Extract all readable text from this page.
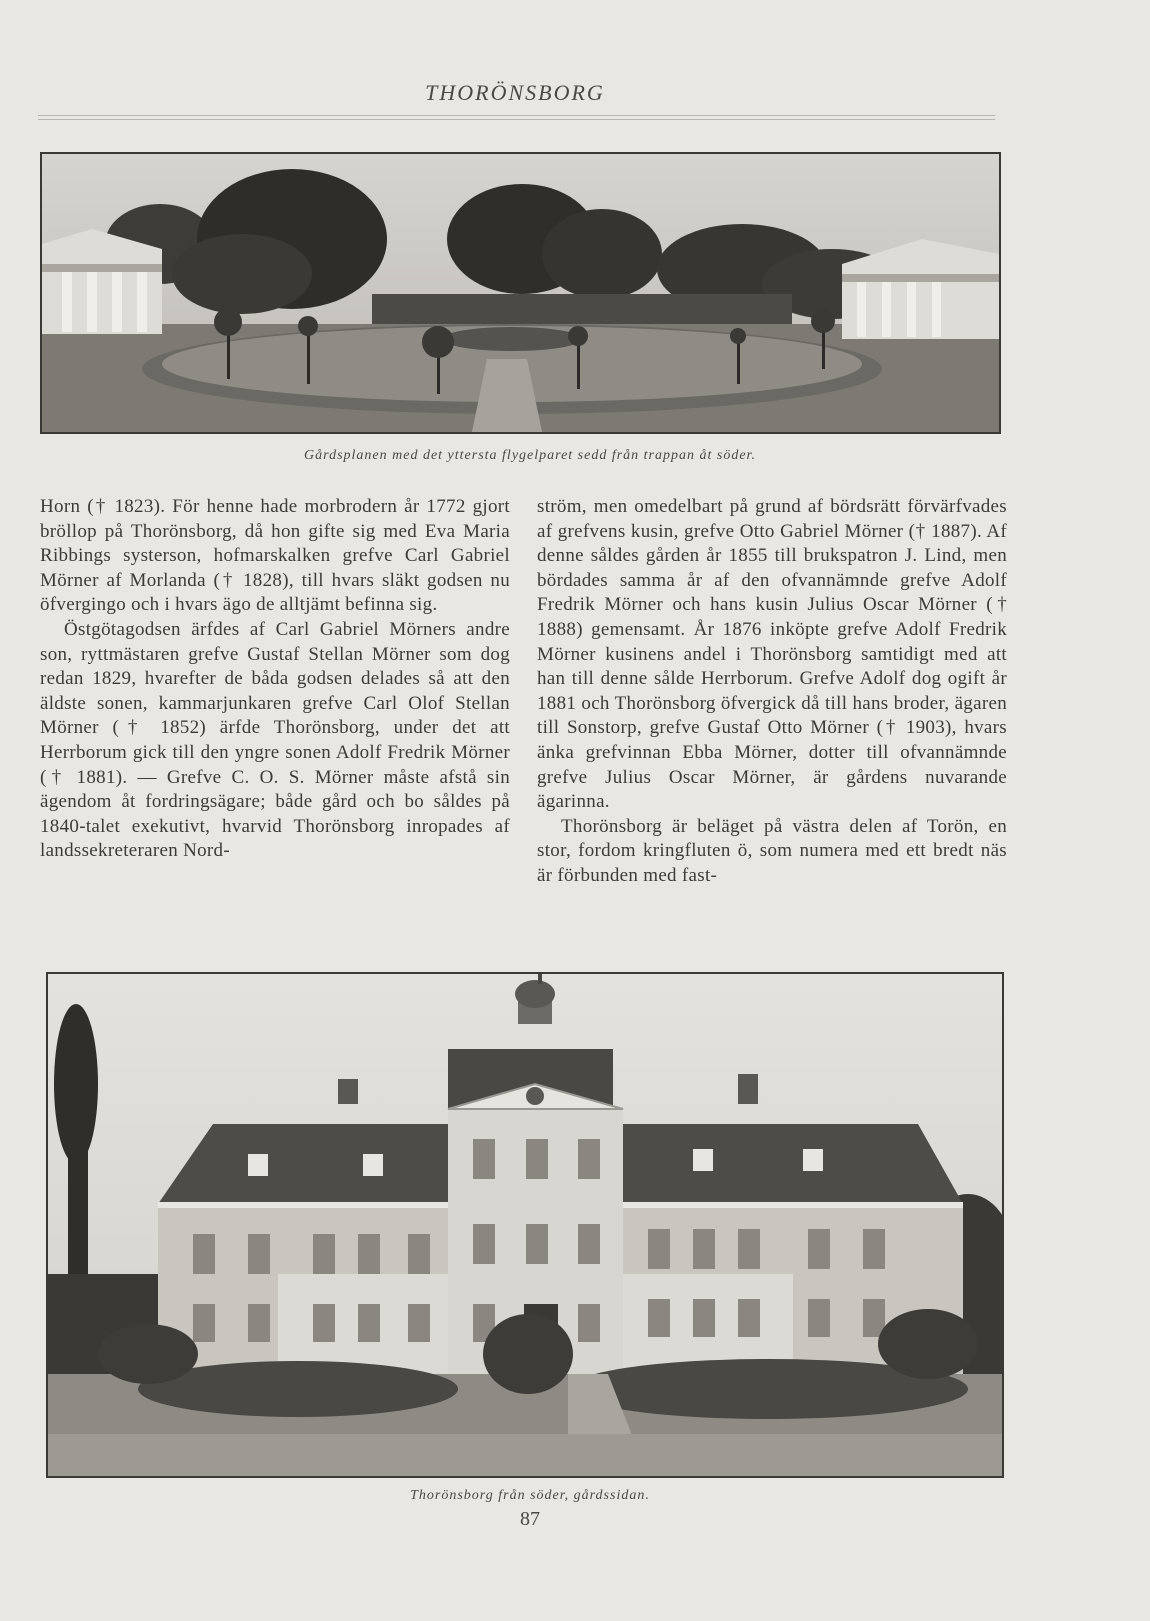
THORÖNSBORG
Gårdsplanen med det yttersta flygelparet sedd från trappan åt söder.

Horn († 1823). För henne hade morbrodern år 1772 gjort bröllop på Thorönsborg, då hon gifte sig med Eva Maria Ribbings systerson, hofmarskalken grefve Carl Gabriel Mörner af Morlanda († 1828), till hvars släkt godsen nu öfvergingo och i hvars ägo de alltjämt befinna sig.

Östgötagodsen ärfdes af Carl Gabriel Mörners andre son, ryttmästaren grefve Gustaf Stellan Mörner som dog redan 1829, hvarefter de båda godsen delades så att den äldste sonen, kammarjunkaren grefve Carl Olof Stellan Mörner († 1852) ärfde Thorönsborg, under det att Herrborum gick till den yngre sonen Adolf Fredrik Mörner († 1881). — Grefve C. O. S. Mörner måste afstå sin ägendom åt fordringsägare; både gård och bo såldes på 1840-talet exekutivt, hvarvid Thorönsborg inropades af landssekreteraren Nord-

ström, men omedelbart på grund af bördsrätt förvärfvades af grefvens kusin, grefve Otto Gabriel Mörner († 1887). Af denne såldes gården år 1855 till brukspatron J. Lind, men bördades samma år af den ofvannämnde grefve Adolf Fredrik Mörner och hans kusin Julius Oscar Mörner († 1888) gemensamt. År 1876 inköpte grefve Adolf Fredrik Mörner kusinens andel i Thorönsborg samtidigt med att han till denne sålde Herrborum. Grefve Adolf dog ogift år 1881 och Thorönsborg öfvergick då till hans broder, ägaren till Sonstorp, grefve Gustaf Otto Mörner († 1903), hvars änka grefvinnan Ebba Mörner, dotter till ofvannämnde grefve Julius Oscar Mörner, är gårdens nuvarande ägarinna.

Thorönsborg är beläget på västra delen af Torön, en stor, fordom kringfluten ö, som numera med ett bredt näs är förbunden med fast-

Thorönsborg från söder, gårdssidan.
87
